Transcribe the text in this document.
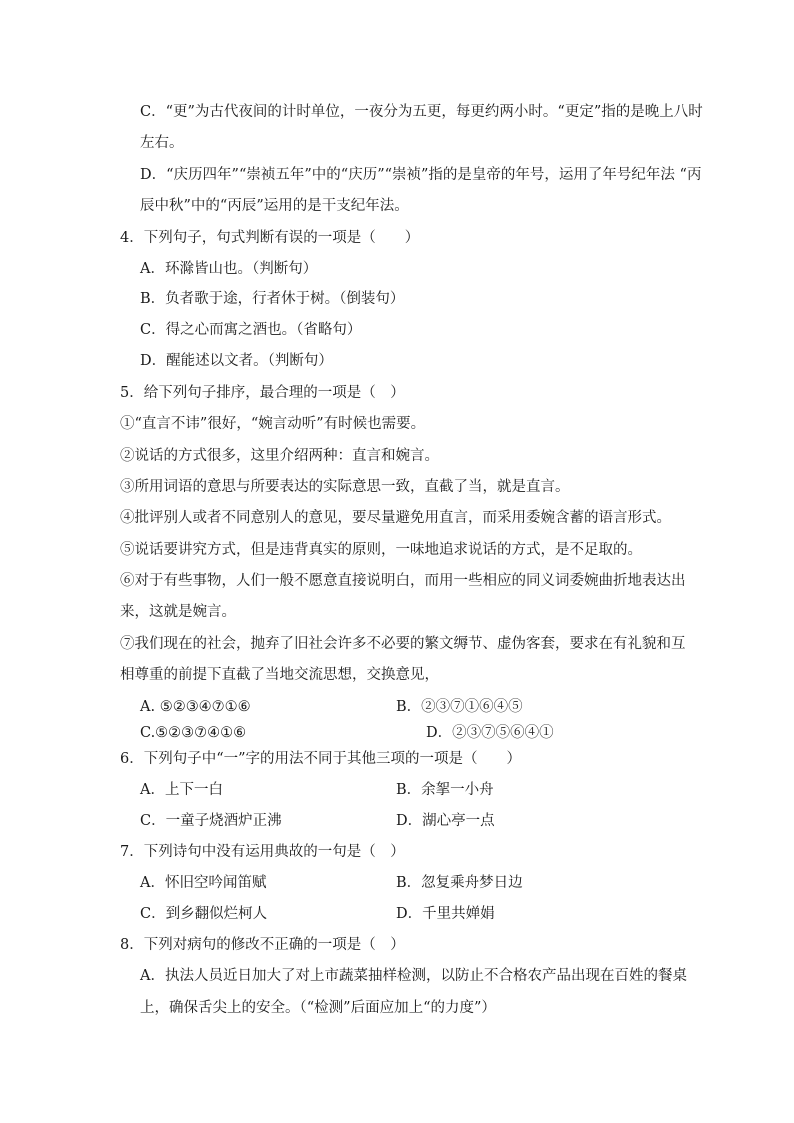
C．“更”为古代夜间的计时单位，一夜分为五更，每更约两小时。“更定”指的是晚上八时
左右。
D．“庆历四年”“崇祯五年”中的“庆历”“崇祯”指的是皇帝的年号，运用了年号纪年法 “丙
辰中秋”中的“丙辰”运用的是干支纪年法。
4．下列句子，句式判断有误的一项是（　　）
A．环滁皆山也。（判断句）
B．负者歌于途，行者休于树。（倒装句）
C．得之心而寓之酒也。（省略句）
D．醒能述以文者。（判断句）
5．给下列句子排序，最合理的一项是（　）
①“直言不讳”很好，“婉言动听”有时候也需要。
②说话的方式很多，这里介绍两种：直言和婉言。
③所用词语的意思与所要表达的实际意思一致，直截了当，就是直言。
④批评别人或者不同意别人的意见，要尽量避免用直言，而采用委婉含蓄的语言形式。
⑤说话要讲究方式，但是违背真实的原则，一味地追求说话的方式，是不足取的。
⑥对于有些事物，人们一般不愿意直接说明白，而用一些相应的同义词委婉曲折地表达出
来，这就是婉言。
⑦我们现在的社会，抛弃了旧社会许多不必要的繁文缛节、虚伪客套，要求在有礼貌和互
相尊重的前提下直截了当地交流思想，交换意见，
A. ⑤②③④⑦①⑥	B．②③⑦①⑥④⑤
C.⑤②③⑦④①⑥	D．②③⑦⑤⑥④①
6．下列句子中“一”字的用法不同于其他三项的一项是（　　）
A．上下一白	B．余挐一小舟
C．一童子烧酒炉正沸	D．湖心亭一点
7．下列诗句中没有运用典故的一句是（　）
A．怀旧空吟闻笛赋	B．忽复乘舟梦日边
C．到乡翻似烂柯人	D．千里共婵娟
8．下列对病句的修改不正确的一项是（　）
A．执法人员近日加大了对上市蔬菜抽样检测，以防止不合格农产品出现在百姓的餐桌
上，确保舌尖上的安全。（“检测”后面应加上“的力度”）
